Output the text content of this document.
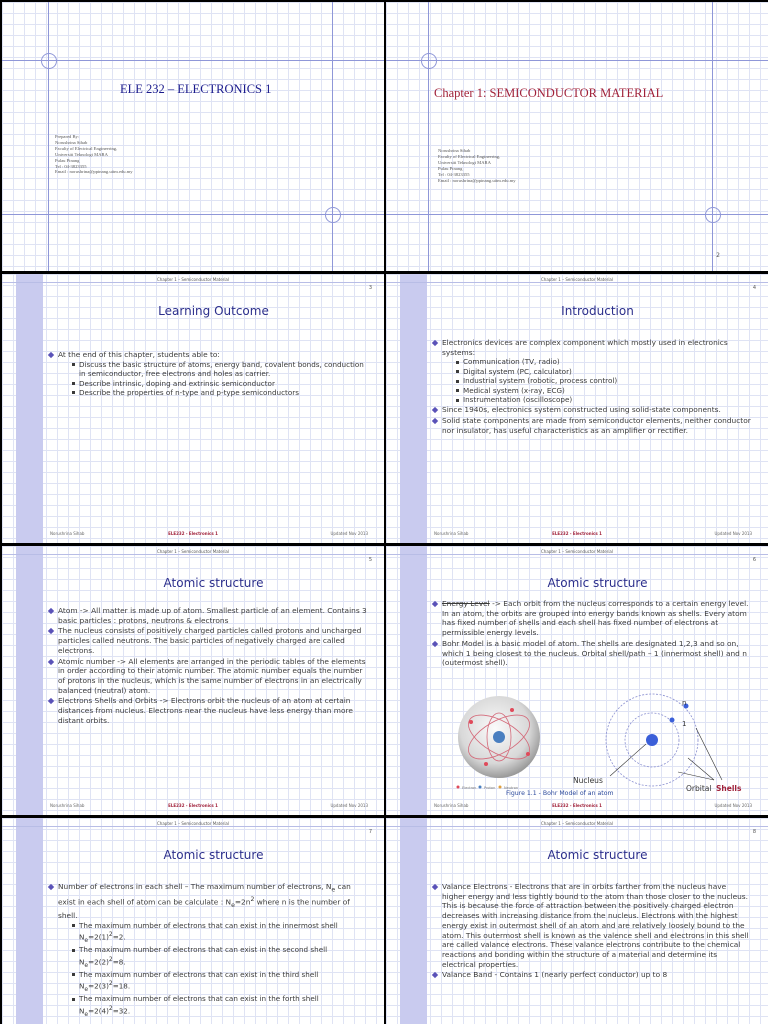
ELE 232 – ELECTRONICS 1
Prepared By:
Norushrina Sihab
Faculty of Electrical Engineering,
Universiti Teknologi MARA
Pulau Pinang
Tel : 04-3823355
Email : norushrina@ppinang.uitm.edu.my
Chapter 1: SEMICONDUCTOR MATERIAL
Norushrina Sihab
Faculty of Electrical Engineering,
Universiti Teknologi MARA
Pulau Pinang
Tel : 04-3823355
Email : norushrina@ppinang.uitm.edu.my
2
Chapter 1 – Semiconductor Material
3
Learning Outcome
At the end of this chapter, students able to:
Discuss the basic structure of atoms, energy band, covalent bonds, conduction in semiconductor, free electrons and holes as carrier.
Describe intrinsic, doping and extrinsic semiconductor
Describe the properties of n-type and p-type semiconductors
Norushrina Sihab	ELE232 - Electronics 1	Updated Nov 2013
Chapter 1 – Semiconductor Material
4
Introduction
Electronics devices are complex component which mostly used in electronics systems:
Communication (TV, radio)
Digital system (PC, calculator)
Industrial system (robotic, process control)
Medical system (x-ray, ECG)
Instrumentation (oscilloscope)
Since 1940s, electronics system constructed using solid-state components.
Solid state components are made from semiconductor elements, neither conductor nor insulator, has useful characteristics as an amplifier or rectifier.
Norushrina Sihab	ELE232 - Electronics 1	Updated Nov 2013
Chapter 1 – Semiconductor Material
5
Atomic structure
Atom -> All matter is made up of atom. Smallest particle of an element. Contains 3 basic particles : protons, neutrons & electrons
The nucleus consists of positively charged particles called protons and uncharged particles called neutrons. The basic particles of negatively charged are called electrons.
Atomic number -> All elements are arranged in the periodic tables of the elements in order according to their atomic number. The atomic number equals the number of protons in the nucleus, which is the same number of electrons in an electrically balanced (neutral) atom.
Electrons Shells and Orbits -> Electrons orbit the nucleus of an atom at certain distances from nucleus. Electrons near the nucleus have less energy than more distant orbits.
Norushrina Sihab	ELE232 - Electronics 1	Updated Nov 2013
Chapter 1 – Semiconductor Material
6
Atomic structure
Energy Level -> Each orbit from the nucleus corresponds to a certain energy level. In an atom, the orbits are grouped into energy bands known as shells. Every atom has fixed number of shells and each shell has fixed number of electrons at permissible energy levels.
Bohr Model is a basic model of atom. The shells are designated 1,2,3 and so on, which 1 being closest to the nucleus. Orbital shell/path – 1 (innermost shell) and n (outermost shell).
Electron Proton Neutron
1
n
Nucleus
Orbital Shells
Figure 1.1 - Bohr Model of an atom
Norushrina Sihab	ELE232 - Electronics 1	Updated Nov 2013
Chapter 1 – Semiconductor Material
7
Atomic structure
Number of electrons in each shell – The maximum number of electrons, $N_e$ can exist in each shell of atom can be calculate : $N_e=2n^2$ where n is the number of shell.
The maximum number of electrons that can exist in the innermost shell $N_e=2(1)^2=2$.
The maximum number of electrons that can exist in the second shell $N_e=2(2)^2=8$.
The maximum number of electrons that can exist in the third shell $N_e=2(3)^2=18$.
The maximum number of electrons that can exist in the forth shell $N_e=2(4)^2=32$.
Chapter 1 – Semiconductor Material
8
Atomic structure
Valance Electrons - Electrons that are in orbits farther from the nucleus have higher energy and less tightly bound to the atom than those closer to the nucleus. This is because the force of attraction between the positively charged electron decreases with increasing distance from the nucleus. Electrons with the highest energy exist in outermost shell of an atom and are relatively loosely bound to the atom. This outermost shell is known as the valence shell and electrons in this shell are called valance electrons. These valance electrons contribute to the chemical reactions and bonding within the structure of a material and determine its electrical properties.
Valance Band - Contains 1 (nearly perfect conductor) up to 8
